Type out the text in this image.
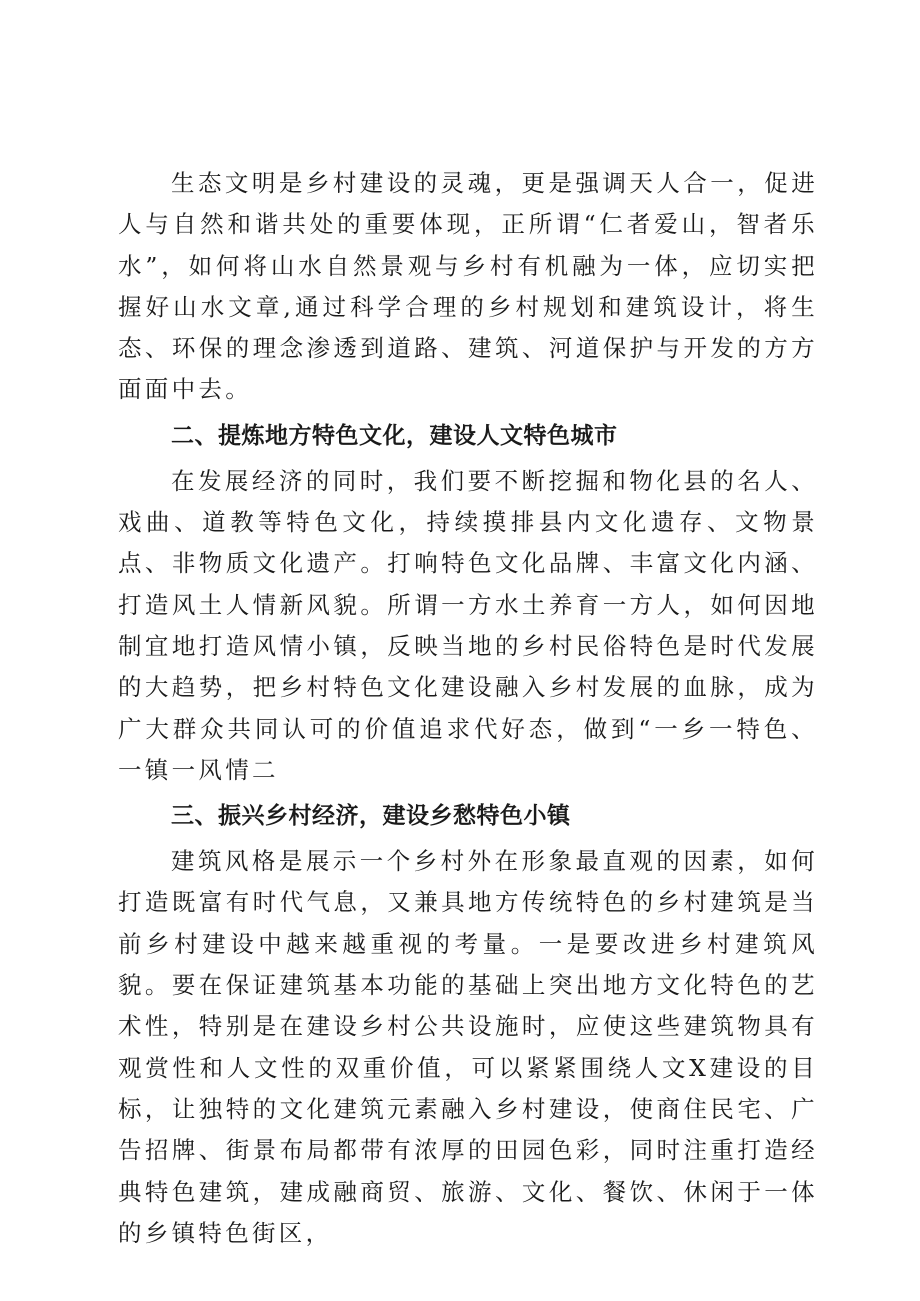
生态文明是乡村建设的灵魂，更是强调天人合一，促进人与自然和谐共处的重要体现，正所谓“仁者爱山，智者乐水”，如何将山水自然景观与乡村有机融为一体，应切实把握好山水文章,通过科学合理的乡村规划和建筑设计，将生态、环保的理念渗透到道路、建筑、河道保护与开发的方方面面中去。

二、提炼地方特色文化，建设人文特色城市

在发展经济的同时，我们要不断挖掘和物化县的名人、戏曲、道教等特色文化，持续摸排县内文化遗存、文物景点、非物质文化遗产。打响特色文化品牌、丰富文化内涵、打造风土人情新风貌。所谓一方水土养育一方人，如何因地制宜地打造风情小镇，反映当地的乡村民俗特色是时代发展的大趋势，把乡村特色文化建设融入乡村发展的血脉，成为广大群众共同认可的价值追求代好态，做到“一乡一特色、一镇一风情二

三、振兴乡村经济，建设乡愁特色小镇

建筑风格是展示一个乡村外在形象最直观的因素，如何打造既富有时代气息，又兼具地方传统特色的乡村建筑是当前乡村建设中越来越重视的考量。一是要改进乡村建筑风貌。要在保证建筑基本功能的基础上突出地方文化特色的艺术性，特别是在建设乡村公共设施时，应使这些建筑物具有观赏性和人文性的双重价值，可以紧紧围绕人文X建设的目标，让独特的文化建筑元素融入乡村建设，使商住民宅、广告招牌、街景布局都带有浓厚的田园色彩，同时注重打造经典特色建筑，建成融商贸、旅游、文化、餐饮、休闲于一体的乡镇特色街区，
